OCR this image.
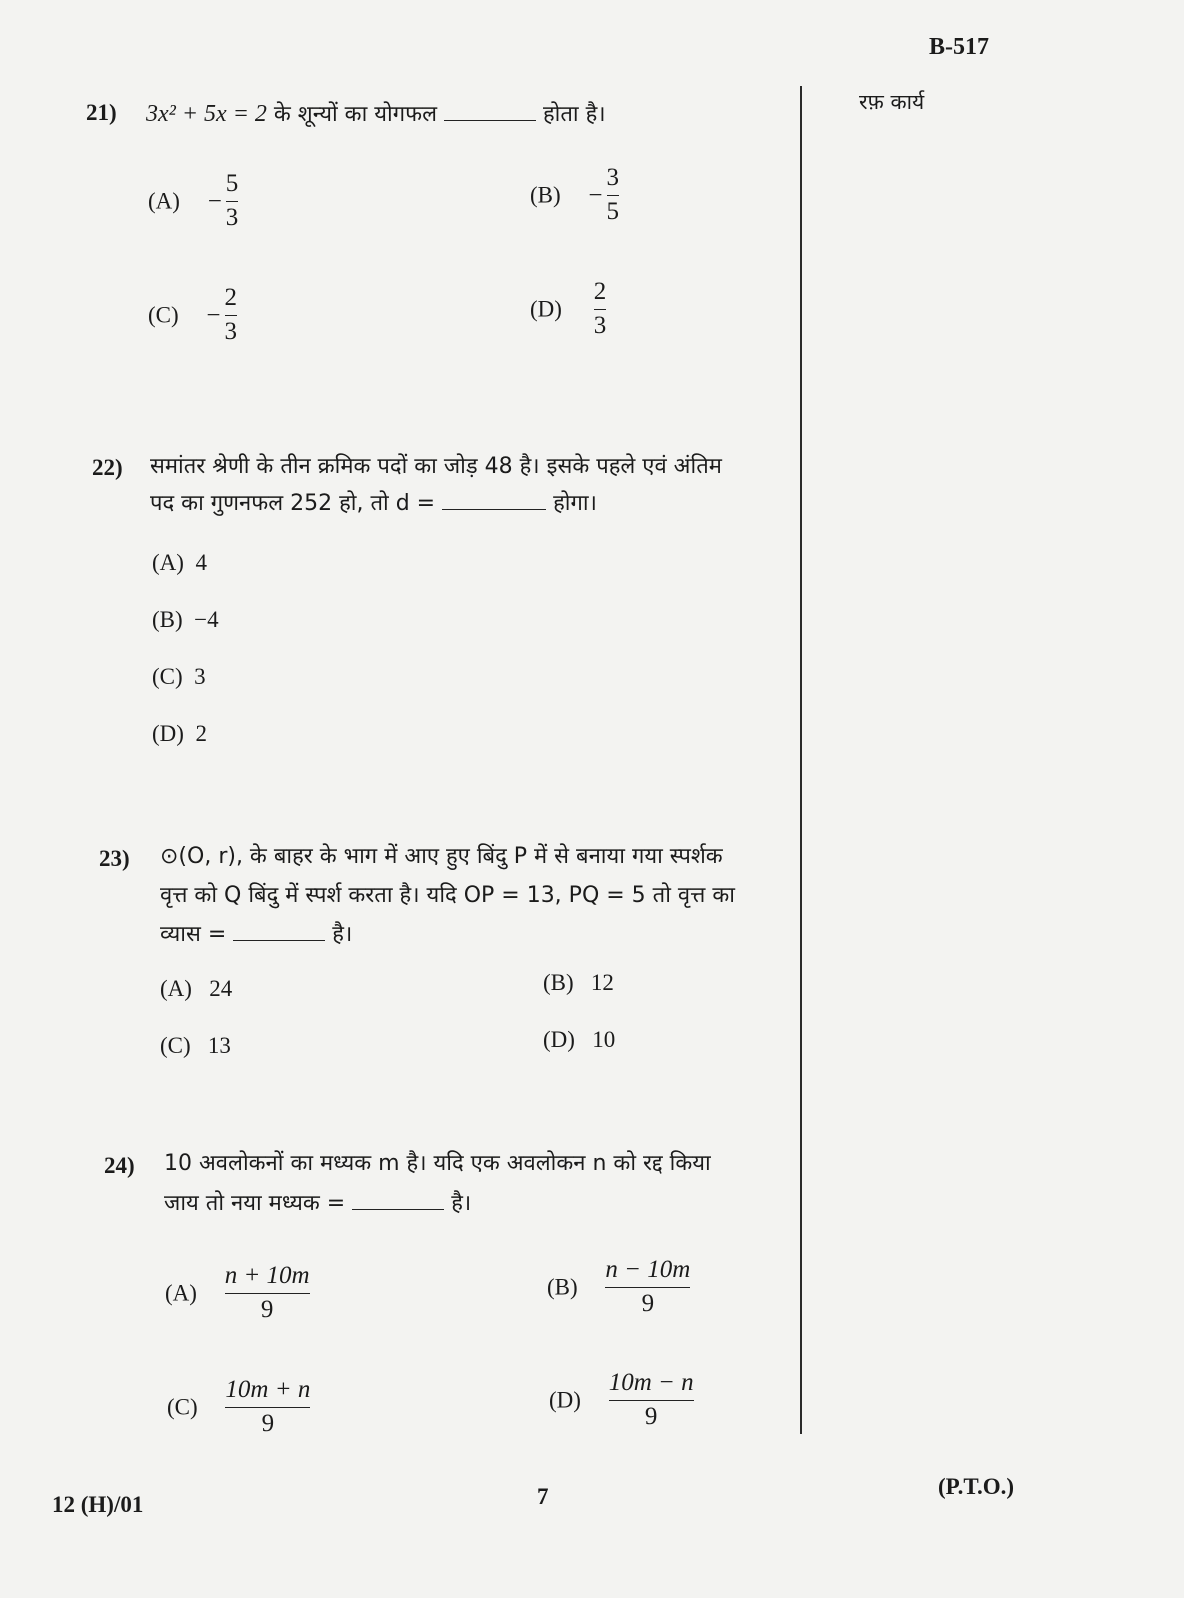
B-517
रफ़ कार्य
21) 3x² + 5x = 2 के शून्यों का योगफल	होता है।
$(A) - \frac{5}{3}$	$(B) - \frac{3}{5}$
$(C) - \frac{2}{3}$	$(D) \frac{2}{3}$
22) समांतर श्रेणी के तीन क्रमिक पदों का जोड़ 48 है। इसके पहले एवं अंतिम
पद का गुणनफल 252 हो, तो d =	होगा।
(A) 4
(B) −4
(C) 3
(D) 2
23) ⊙(O, r), के बाहर के भाग में आए हुए बिंदु P में से बनाया गया स्पर्शक
वृत्त को Q बिंदु में स्पर्श करता है। यदि OP = 13, PQ = 5 तो वृत्त का
व्यास =	है।
(A) 24	(B) 12
(C) 13	(D) 10
24) 10 अवलोकनों का मध्यक m है। यदि एक अवलोकन n को रद्द किया
जाय तो नया मध्यक =	है।
$(A) \frac{n + 10m}{9}$	$(B) \frac{n - 10m}{9}$
$(C) \frac{10m + n}{9}$	$(D) \frac{10m - n}{9}$
12 (H)/01	7	(P.T.O.)
